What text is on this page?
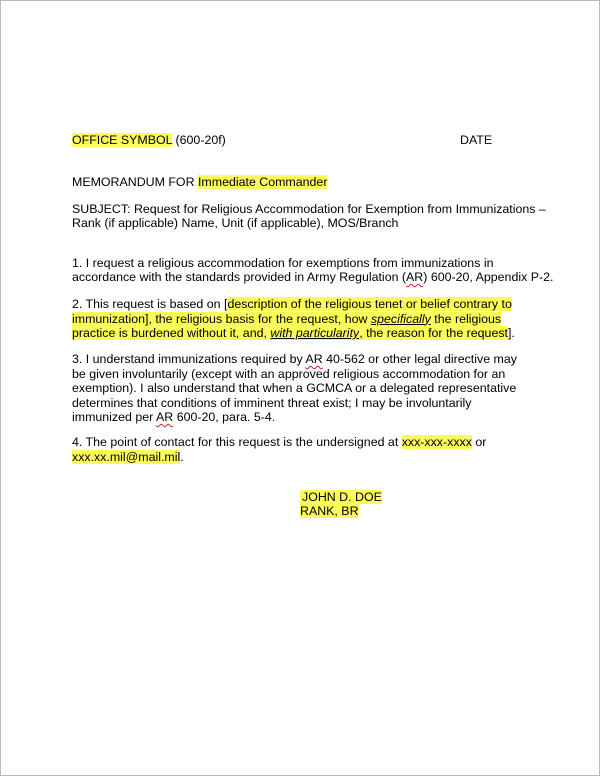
OFFICE SYMBOL (600-20f)	DATE
MEMORANDUM FOR Immediate Commander
SUBJECT: Request for Religious Accommodation for Exemption from Immunizations –
Rank (if applicable) Name, Unit (if applicable), MOS/Branch
1. I request a religious accommodation for exemptions from immunizations in
accordance with the standards provided in Army Regulation (AR) 600-20, Appendix P-2.
2. This request is based on [description of the religious tenet or belief contrary to immunization], the religious basis for the request, how specifically the religious practice is burdened without it, and, with particularity, the reason for the request].
3. I understand immunizations required by AR 40-562 or other legal directive may be given involuntarily (except with an approved religious accommodation for an exemption). I also understand that when a GCMCA or a delegated representative determines that conditions of imminent threat exist; I may be involuntarily immunized per AR 600-20, para. 5-4.
4. The point of contact for this request is the undersigned at xxx-xxx-xxxx or
xxx.xx.mil@mail.mil.
JOHN D. DOE
RANK, BR
